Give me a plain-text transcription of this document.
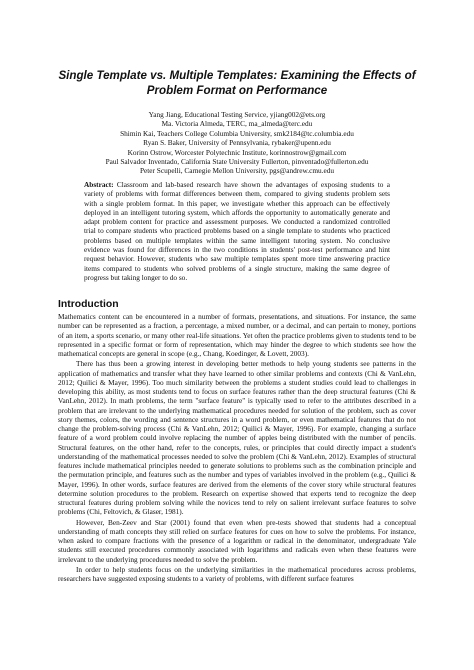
Single Template vs. Multiple Templates: Examining the Effects of Problem Format on Performance
Yang Jiang, Educational Testing Service, yjiang002@ets.org
Ma. Victoria Almeda, TERC, ma_almeda@terc.edu
Shimin Kai, Teachers College Columbia University, smk2184@tc.columbia.edu
Ryan S. Baker, University of Pennsylvania, rybaker@upenn.edu
Korinn Ostrow, Worcester Polytechnic Institute, korinnostrow@gmail.com
Paul Salvador Inventado, California State University Fullerton, pinventado@fullerton.edu
Peter Scupelli, Carnegie Mellon University, pgs@andrew.cmu.edu
Abstract: Classroom and lab-based research have shown the advantages of exposing students to a variety of problems with format differences between them, compared to giving students problem sets with a single problem format. In this paper, we investigate whether this approach can be effectively deployed in an intelligent tutoring system, which affords the opportunity to automatically generate and adapt problem content for practice and assessment purposes. We conducted a randomized controlled trial to compare students who practiced problems based on a single template to students who practiced problems based on multiple templates within the same intelligent tutoring system. No conclusive evidence was found for differences in the two conditions in students' post-test performance and hint request behavior. However, students who saw multiple templates spent more time answering practice items compared to students who solved problems of a single structure, making the same degree of progress but taking longer to do so.
Introduction

Mathematics content can be encountered in a number of formats, presentations, and situations. For instance, the same number can be represented as a fraction, a percentage, a mixed number, or a decimal, and can pertain to money, portions of an item, a sports scenario, or many other real-life situations. Yet often the practice problems given to students tend to be represented in a specific format or form of representation, which may hinder the degree to which students see how the mathematical concepts are general in scope (e.g., Chang, Koedinger, & Lovett, 2003).

There has thus been a growing interest in developing better methods to help young students see patterns in the application of mathematics and transfer what they have learned to other similar problems and contexts (Chi & VanLehn, 2012; Quilici & Mayer, 1996). Too much similarity between the problems a student studies could lead to challenges in developing this ability, as most students tend to focus on surface features rather than the deep structural features (Chi & VanLehn, 2012). In math problems, the term "surface feature" is typically used to refer to the attributes described in a problem that are irrelevant to the underlying mathematical procedures needed for solution of the problem, such as cover story themes, colors, the wording and sentence structures in a word problem, or even mathematical features that do not change the problem-solving process (Chi & VanLehn, 2012; Quilici & Mayer, 1996). For example, changing a surface feature of a word problem could involve replacing the number of apples being distributed with the number of pencils. Structural features, on the other hand, refer to the concepts, rules, or principles that could directly impact a student's understanding of the mathematical processes needed to solve the problem (Chi & VanLehn, 2012). Examples of structural features include mathematical principles needed to generate solutions to problems such as the combination principle and the permutation principle, and features such as the number and types of variables involved in the problem (e.g., Quilici & Mayer, 1996). In other words, surface features are derived from the elements of the cover story while structural features determine solution procedures to the problem. Research on expertise showed that experts tend to recognize the deep structural features during problem solving while the novices tend to rely on salient irrelevant surface features to solve problems (Chi, Feltovich, & Glaser, 1981).

However, Ben-Zeev and Star (2001) found that even when pre-tests showed that students had a conceptual understanding of math concepts they still relied on surface features for cues on how to solve the problems. For instance, when asked to compare fractions with the presence of a logarithm or radical in the denominator, undergraduate Yale students still executed procedures commonly associated with logarithms and radicals even when these features were irrelevant to the underlying procedures needed to solve the problem.

In order to help students focus on the underlying similarities in the mathematical procedures across problems, researchers have suggested exposing students to a variety of problems, with different surface features
